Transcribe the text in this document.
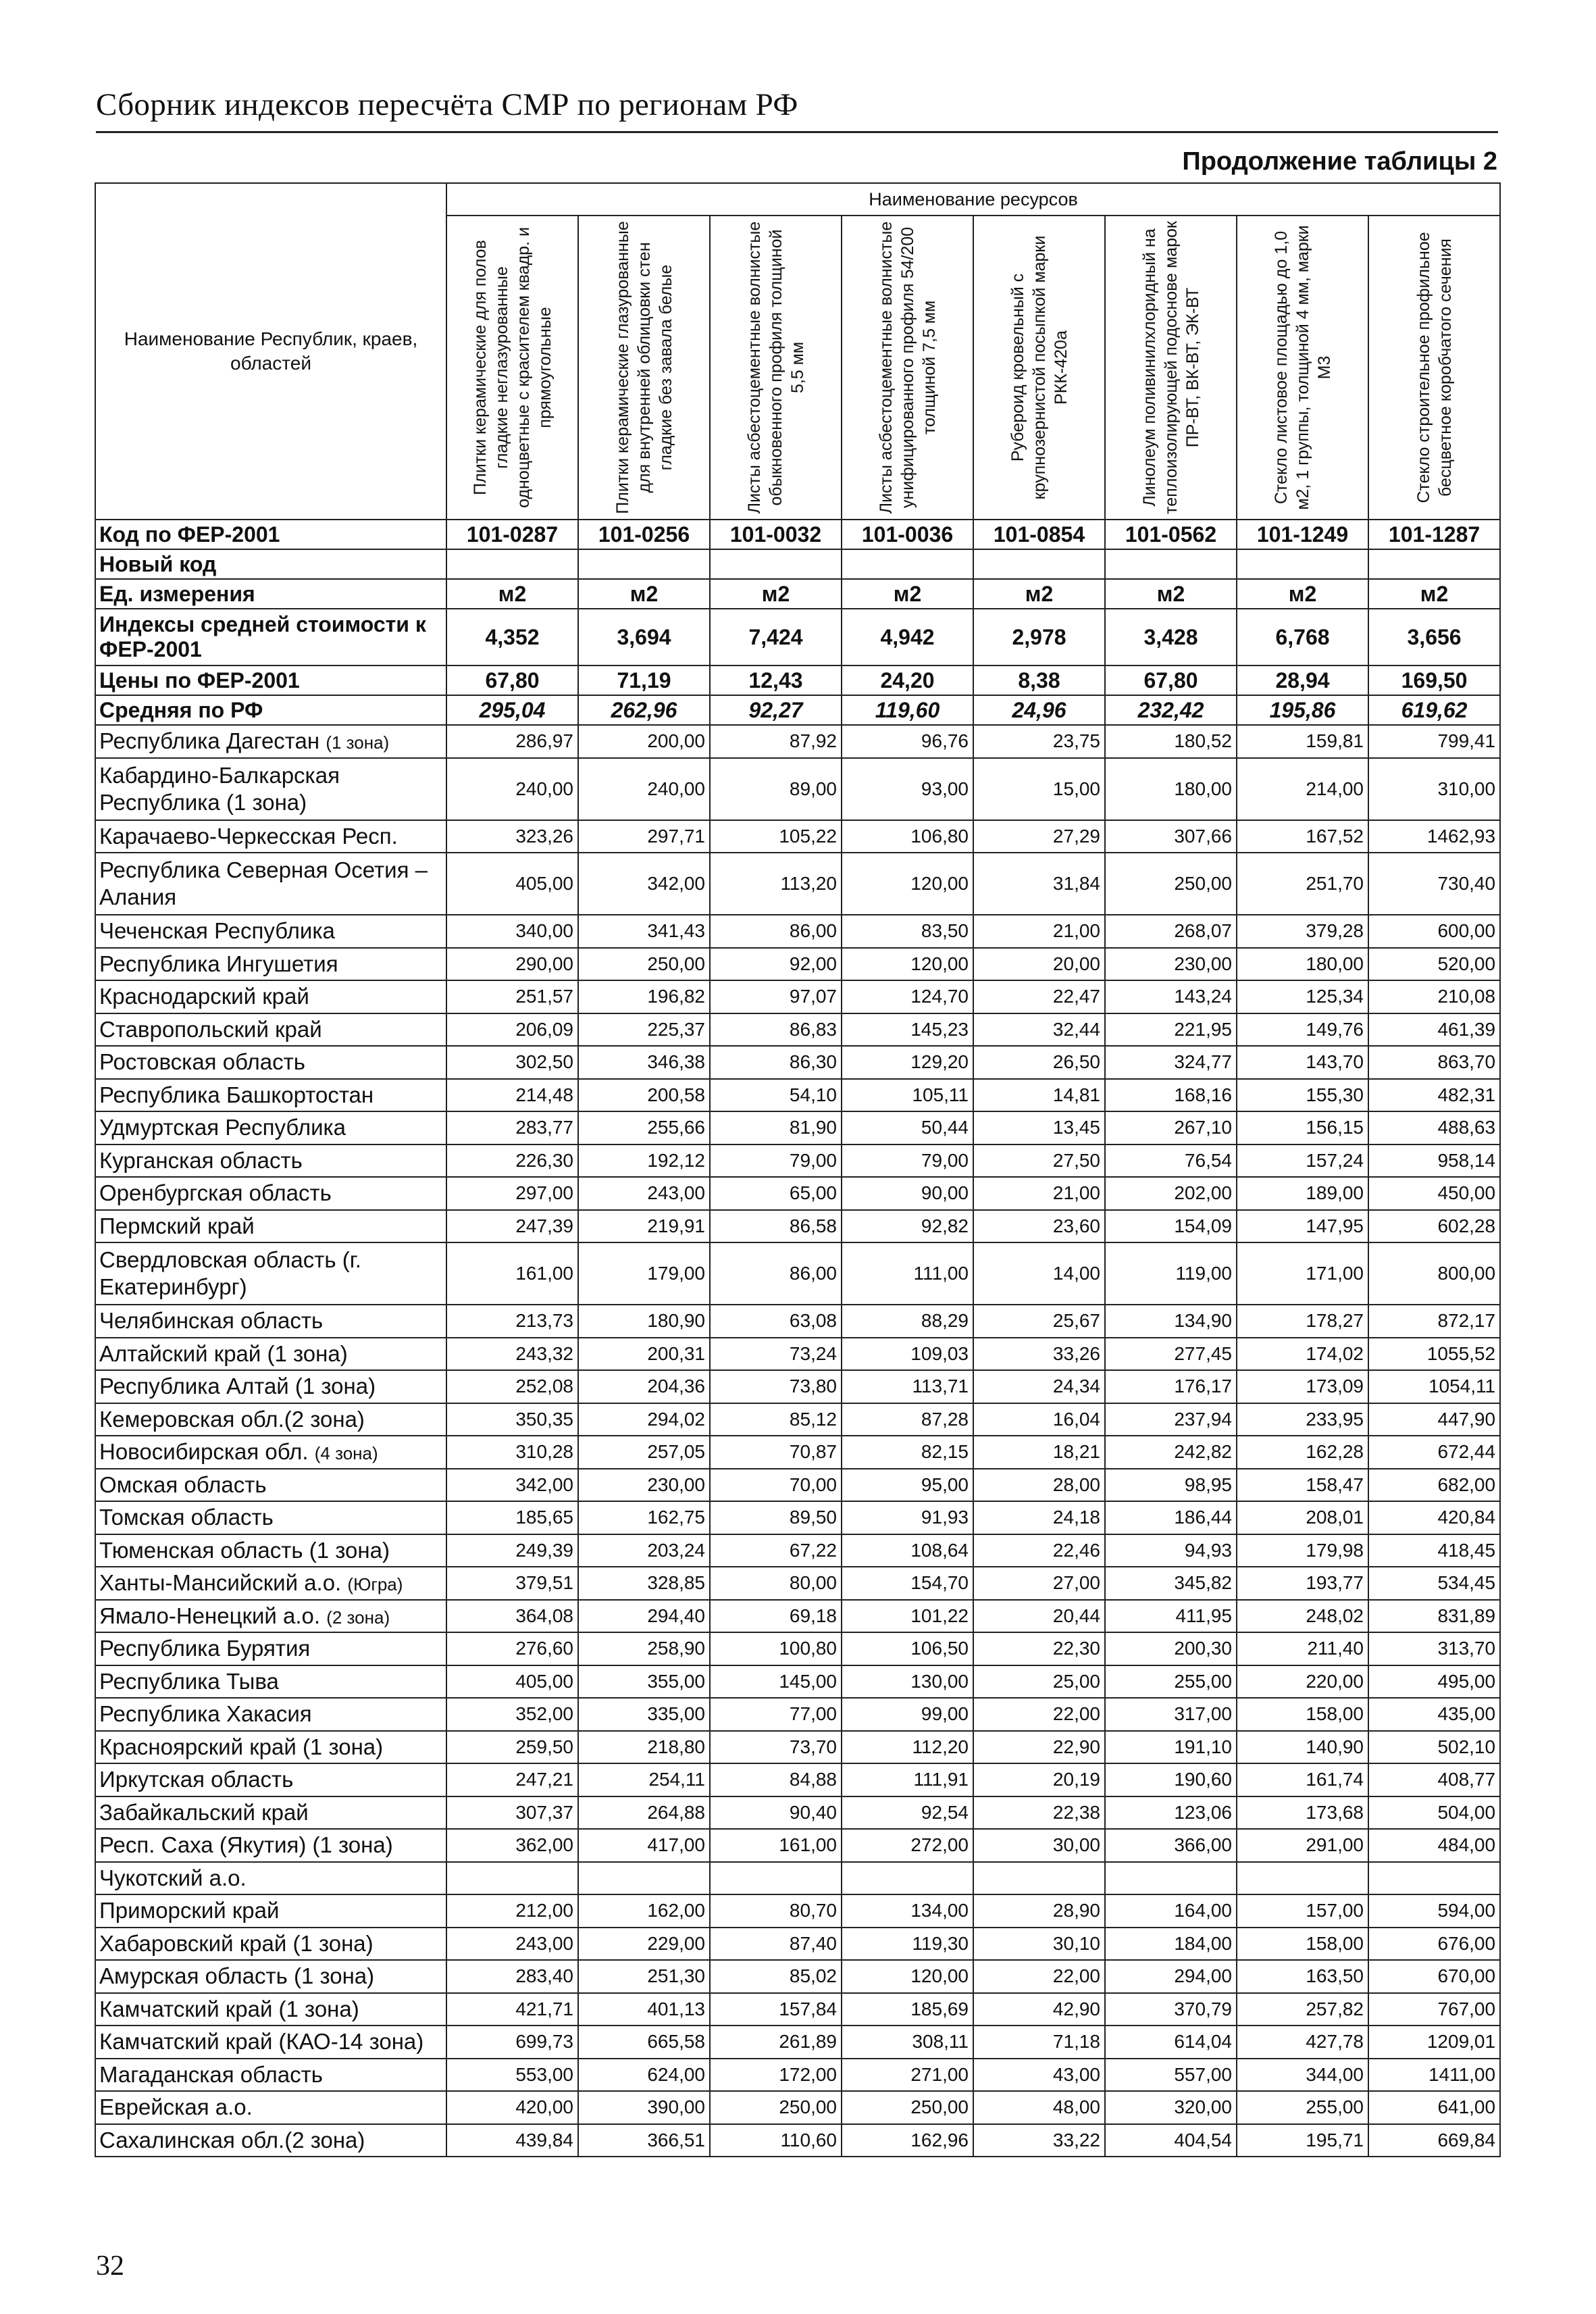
Сборник индексов пересчёта СМР по регионам РФ
Продолжение таблицы 2
Наименование Республик, краев, областей	Наименование ресурсов							

	Плитки керамические для полов гладкие неглазурованные одноцветные с красителем квадр. и прямоугольные	Плитки керамические глазурованные для внутренней облицовки стен гладкие без завала белые	Листы асбестоцементные волнистые обыкновенного профиля толщиной 5,5 мм	Листы асбестоцементные волнистые унифицированного профиля 54/200 толщиной 7,5 мм	Рубероид кровельный с крупнозернистой посыпкой марки РКК-420а	Линолеум поливинилхлоридный на теплоизолирующей подоснове марок ПР-ВТ, ВК-ВТ, ЭК-ВТ	Стекло листовое площадью до 1,0 м2, 1 группы, толщиной 4 мм, марки М3	Стекло строительное профильное бесцветное коробчатого сечения

Код по ФЕР-2001	101-0287	101-0256	101-0032	101-0036	101-0854	101-0562	101-1249	101-1287
Новый код								
Ед. измерения	м2	м2	м2	м2	м2	м2	м2	м2
Индексы средней стоимости к ФЕР-2001	4,352	3,694	7,424	4,942	2,978	3,428	6,768	3,656
Цены по ФЕР-2001	67,80	71,19	12,43	24,20	8,38	67,80	28,94	169,50
Средняя по РФ	295,04	262,96	92,27	119,60	24,96	232,42	195,86	619,62
Республика Дагестан (1 зона)	286,97	200,00	87,92	96,76	23,75	180,52	159,81	799,41
Кабардино-Балкарская Республика (1 зона)	240,00	240,00	89,00	93,00	15,00	180,00	214,00	310,00
Карачаево-Черкесская Респ.	323,26	297,71	105,22	106,80	27,29	307,66	167,52	1462,93
Республика Северная Осетия – Алания	405,00	342,00	113,20	120,00	31,84	250,00	251,70	730,40
Чеченская Республика	340,00	341,43	86,00	83,50	21,00	268,07	379,28	600,00
Республика Ингушетия	290,00	250,00	92,00	120,00	20,00	230,00	180,00	520,00
Краснодарский край	251,57	196,82	97,07	124,70	22,47	143,24	125,34	210,08
Ставропольский край	206,09	225,37	86,83	145,23	32,44	221,95	149,76	461,39
Ростовская область	302,50	346,38	86,30	129,20	26,50	324,77	143,70	863,70
Республика Башкортостан	214,48	200,58	54,10	105,11	14,81	168,16	155,30	482,31
Удмуртская Республика	283,77	255,66	81,90	50,44	13,45	267,10	156,15	488,63
Курганская область	226,30	192,12	79,00	79,00	27,50	76,54	157,24	958,14
Оренбургская область	297,00	243,00	65,00	90,00	21,00	202,00	189,00	450,00
Пермский край	247,39	219,91	86,58	92,82	23,60	154,09	147,95	602,28
Свердловская область (г. Екатеринбург)	161,00	179,00	86,00	111,00	14,00	119,00	171,00	800,00
Челябинская область	213,73	180,90	63,08	88,29	25,67	134,90	178,27	872,17
Алтайский край (1 зона)	243,32	200,31	73,24	109,03	33,26	277,45	174,02	1055,52
Республика Алтай (1 зона)	252,08	204,36	73,80	113,71	24,34	176,17	173,09	1054,11
Кемеровская обл.(2 зона)	350,35	294,02	85,12	87,28	16,04	237,94	233,95	447,90
Новосибирская обл. (4 зона)	310,28	257,05	70,87	82,15	18,21	242,82	162,28	672,44
Омская область	342,00	230,00	70,00	95,00	28,00	98,95	158,47	682,00
Томская область	185,65	162,75	89,50	91,93	24,18	186,44	208,01	420,84
Тюменская область (1 зона)	249,39	203,24	67,22	108,64	22,46	94,93	179,98	418,45
Ханты-Мансийский а.о. (Югра)	379,51	328,85	80,00	154,70	27,00	345,82	193,77	534,45
Ямало-Ненецкий а.о. (2 зона)	364,08	294,40	69,18	101,22	20,44	411,95	248,02	831,89
Республика Бурятия	276,60	258,90	100,80	106,50	22,30	200,30	211,40	313,70
Республика Тыва	405,00	355,00	145,00	130,00	25,00	255,00	220,00	495,00
Республика Хакасия	352,00	335,00	77,00	99,00	22,00	317,00	158,00	435,00
Красноярский край (1 зона)	259,50	218,80	73,70	112,20	22,90	191,10	140,90	502,10
Иркутская область	247,21	254,11	84,88	111,91	20,19	190,60	161,74	408,77
Забайкальский край	307,37	264,88	90,40	92,54	22,38	123,06	173,68	504,00
Респ. Саха (Якутия) (1 зона)	362,00	417,00	161,00	272,00	30,00	366,00	291,00	484,00
Чукотский а.о.								
Приморский край	212,00	162,00	80,70	134,00	28,90	164,00	157,00	594,00
Хабаровский край (1 зона)	243,00	229,00	87,40	119,30	30,10	184,00	158,00	676,00
Амурская область (1 зона)	283,40	251,30	85,02	120,00	22,00	294,00	163,50	670,00
Камчатский край (1 зона)	421,71	401,13	157,84	185,69	42,90	370,79	257,82	767,00
Камчатский край (КАО-14 зона)	699,73	665,58	261,89	308,11	71,18	614,04	427,78	1209,01
Магаданская область	553,00	624,00	172,00	271,00	43,00	557,00	344,00	1411,00
Еврейская а.о.	420,00	390,00	250,00	250,00	48,00	320,00	255,00	641,00
Сахалинская обл.(2 зона)	439,84	366,51	110,60	162,96	33,22	404,54	195,71	669,84
32
